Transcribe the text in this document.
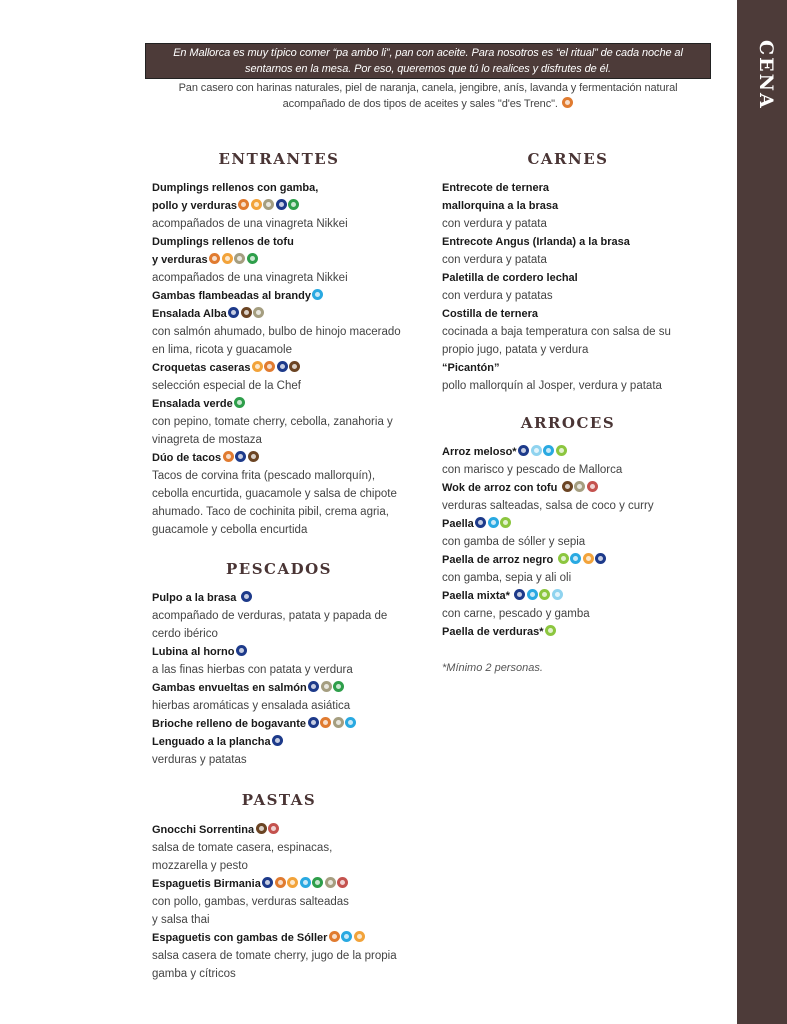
CENA
En Mallorca es muy típico comer “pa ambo li”, pan con aceite. Para nosotros es “el ritual” de cada noche al
sentarnos en la mesa. Por eso, queremos que tú lo realices y disfrutes de él.
Pan casero con harinas naturales, piel de naranja, canela, jengibre, anís, lavanda y fermentación natural
acompañado de dos tipos de aceites y sales "d'es Trenc".
ENTRANTES
Dumplings rellenos con gamba,
pollo y verduras
acompañados de una vinagreta Nikkei
Dumplings rellenos de tofu
y verduras
acompañados de una vinagreta Nikkei
Gambas flambeadas al brandy
Ensalada Alba
con salmón ahumado, bulbo de hinojo macerado
en lima, ricota y guacamole
Croquetas caseras
selección especial de la Chef
Ensalada verde
con pepino, tomate cherry, cebolla, zanahoria y
vinagreta de mostaza
Dúo de tacos
Tacos de corvina frita (pescado mallorquín),
cebolla encurtida, guacamole y salsa de chipote
ahumado. Taco de cochinita pibil, crema agria,
guacamole y cebolla encurtida
PESCADOS
Pulpo a la brasa
acompañado de verduras, patata y papada de
cerdo ibérico
Lubina al horno
a las finas hierbas con patata y verdura
Gambas envueltas en salmón
hierbas aromáticas y ensalada asiática
Brioche relleno de bogavante
Lenguado a la plancha
verduras y patatas
PASTAS
Gnocchi Sorrentina
salsa de tomate casera, espinacas,
mozzarella y pesto
Espaguetis Birmania
con pollo, gambas, verduras salteadas
y salsa thai
Espaguetis con gambas de Sóller
salsa casera de tomate cherry, jugo de la propia
gamba y cítricos
CARNES
Entrecote de ternera
mallorquina a la brasa
con verdura y patata
Entrecote Angus (Irlanda) a la brasa
con verdura y patata
Paletilla de cordero lechal
con verdura y patatas
Costilla de ternera
cocinada a baja temperatura con salsa de su
propio jugo, patata y verdura
“Picantón”
pollo mallorquín al Josper, verdura y patata
ARROCES
Arroz meloso*
con marisco y pescado de Mallorca
Wok de arroz con tofu
verduras salteadas, salsa de coco y curry
Paella
con gamba de sóller y sepia
Paella de arroz negro
con gamba, sepia y ali oli
Paella mixta*
con carne, pescado y gamba
Paella de verduras*
*Mínimo 2 personas.
